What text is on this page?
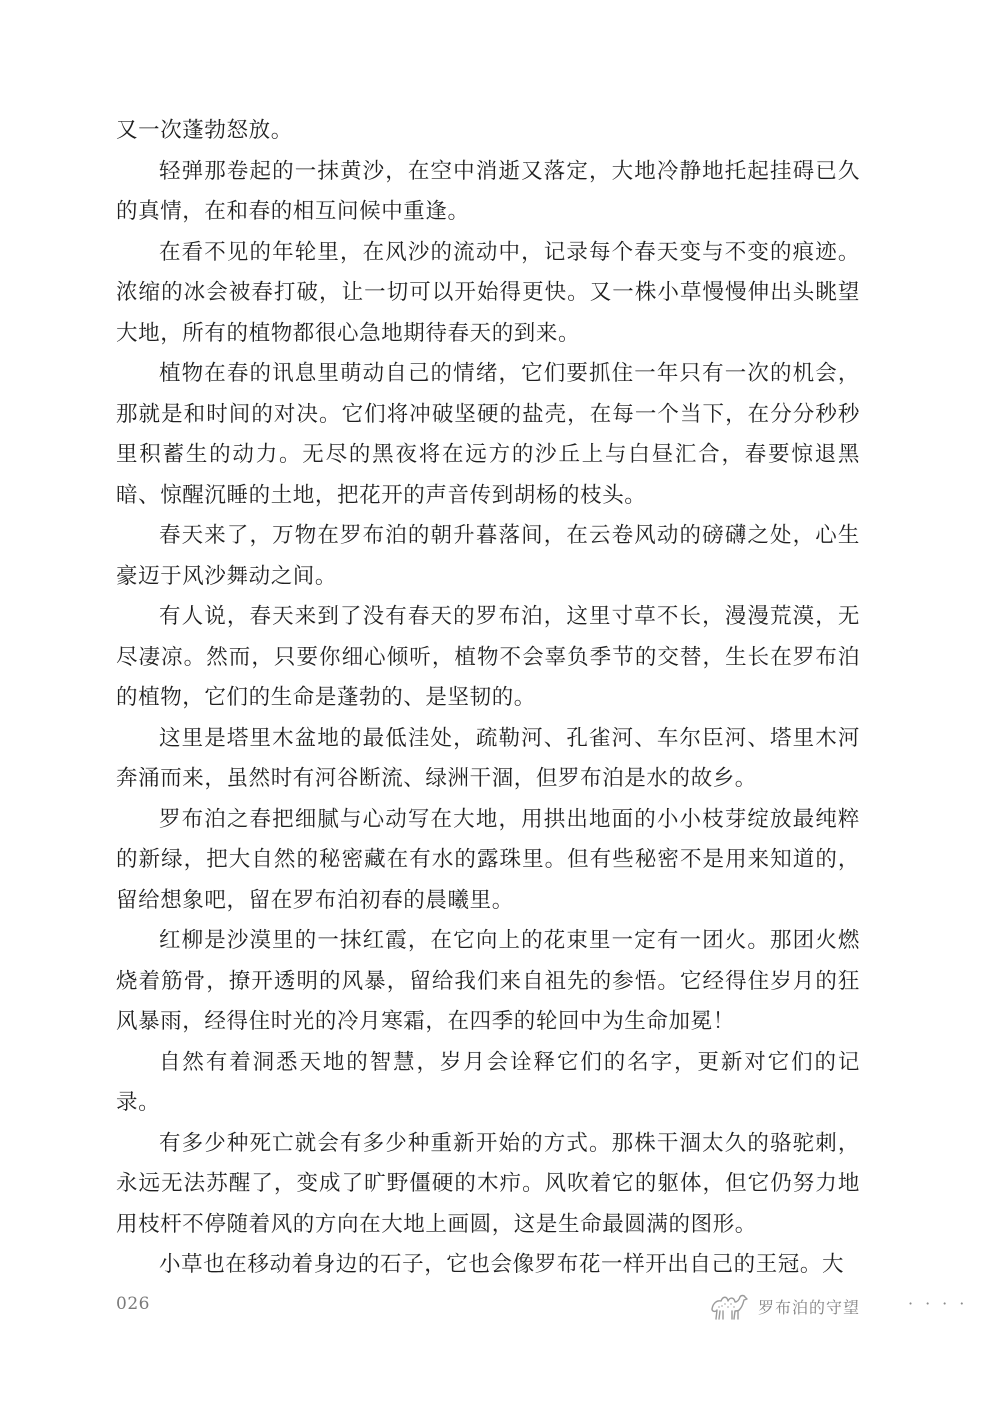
又一次蓬勃怒放。

轻弹那卷起的一抹黄沙，在空中消逝又落定，大地冷静地托起挂碍已久的真情，在和春的相互问候中重逢。

在看不见的年轮里，在风沙的流动中，记录每个春天变与不变的痕迹。浓缩的冰会被春打破，让一切可以开始得更快。又一株小草慢慢伸出头眺望大地，所有的植物都很心急地期待春天的到来。

植物在春的讯息里萌动自己的情绪，它们要抓住一年只有一次的机会，那就是和时间的对决。它们将冲破坚硬的盐壳，在每一个当下，在分分秒秒里积蓄生的动力。无尽的黑夜将在远方的沙丘上与白昼汇合，春要惊退黑暗、惊醒沉睡的土地，把花开的声音传到胡杨的枝头。

春天来了，万物在罗布泊的朝升暮落间，在云卷风动的磅礴之处，心生豪迈于风沙舞动之间。

有人说，春天来到了没有春天的罗布泊，这里寸草不长，漫漫荒漠，无尽凄凉。然而，只要你细心倾听，植物不会辜负季节的交替，生长在罗布泊的植物，它们的生命是蓬勃的、是坚韧的。

这里是塔里木盆地的最低洼处，疏勒河、孔雀河、车尔臣河、塔里木河奔涌而来，虽然时有河谷断流、绿洲干涸，但罗布泊是水的故乡。

罗布泊之春把细腻与心动写在大地，用拱出地面的小小枝芽绽放最纯粹的新绿，把大自然的秘密藏在有水的露珠里。但有些秘密不是用来知道的，留给想象吧，留在罗布泊初春的晨曦里。

红柳是沙漠里的一抹红霞，在它向上的花束里一定有一团火。那团火燃烧着筋骨，撩开透明的风暴，留给我们来自祖先的参悟。它经得住岁月的狂风暴雨，经得住时光的冷月寒霜，在四季的轮回中为生命加冕！

自然有着洞悉天地的智慧，岁月会诠释它们的名字，更新对它们的记录。

有多少种死亡就会有多少种重新开始的方式。那株干涸太久的骆驼刺，永远无法苏醒了，变成了旷野僵硬的木疖。风吹着它的躯体，但它仍努力地用枝杆不停随着风的方向在大地上画圆，这是生命最圆满的图形。

小草也在移动着身边的石子，它也会像罗布花一样开出自己的王冠。大

026	罗布泊的守望	····
